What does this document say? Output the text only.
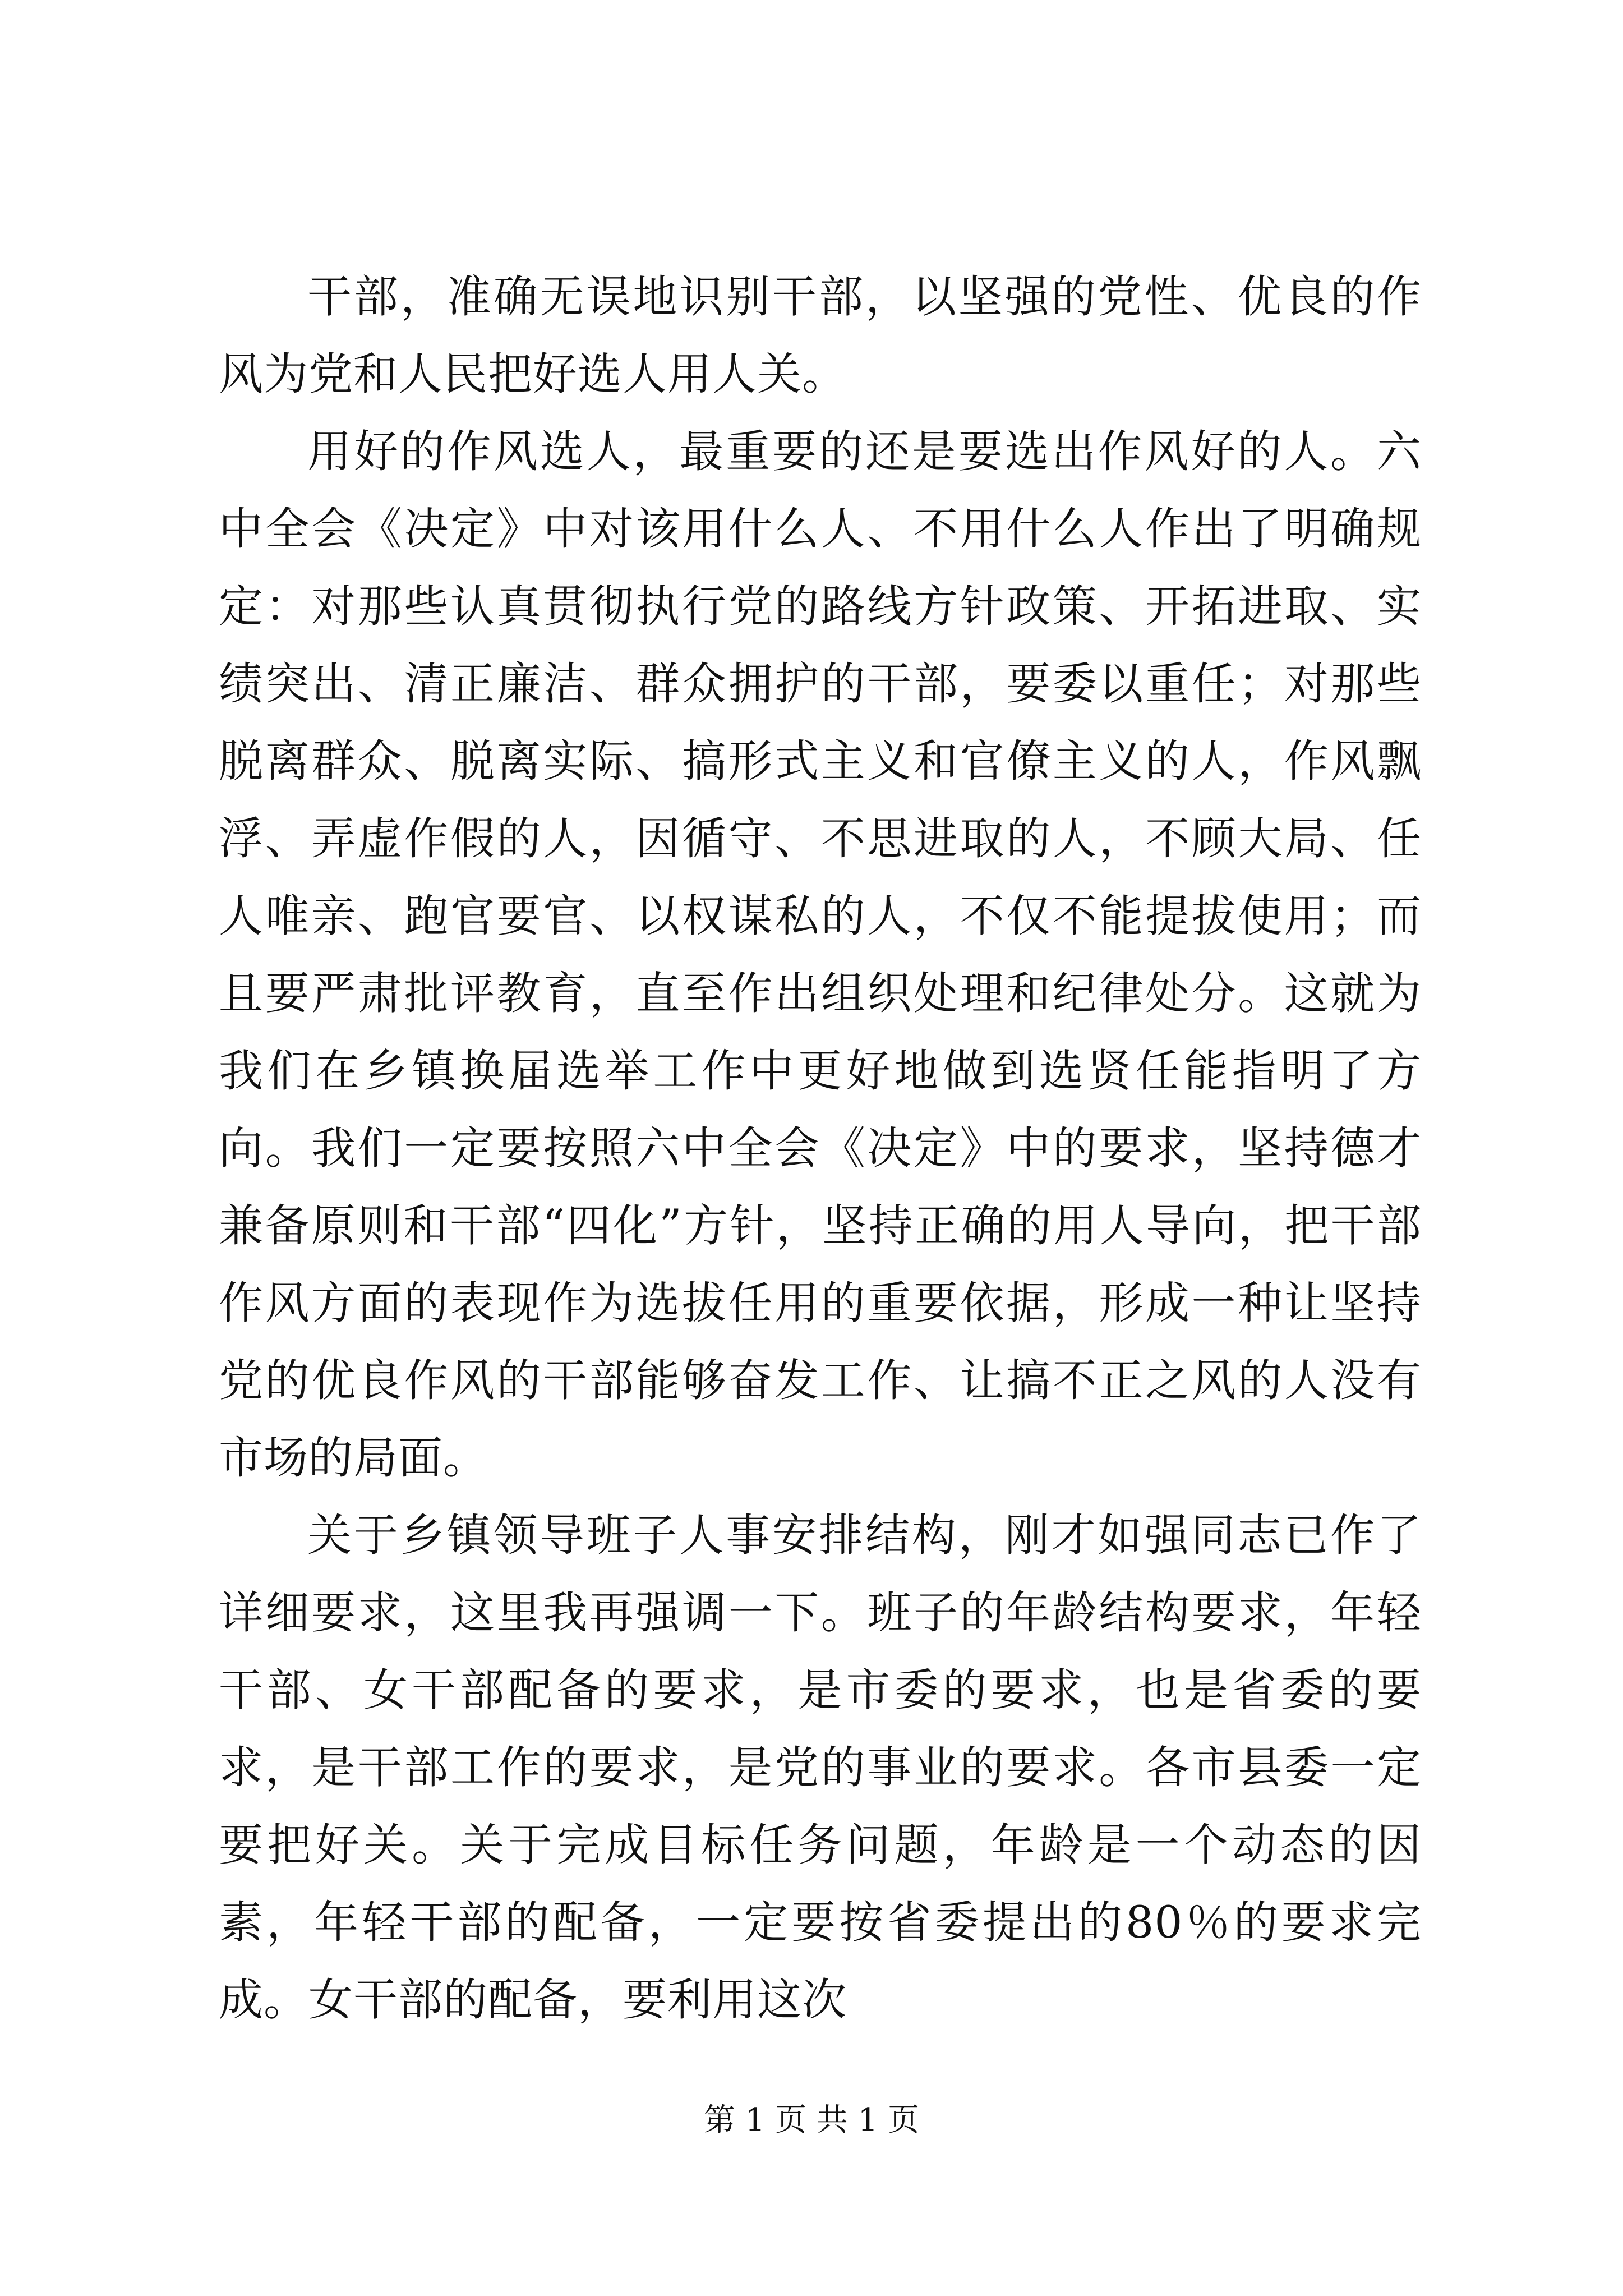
干部，准确无误地识别干部，以坚强的党性、优良的作风为党和人民把好选人用人关。

用好的作风选人，最重要的还是要选出作风好的人。六中全会《决定》中对该用什么人、不用什么人作出了明确规定：对那些认真贯彻执行党的路线方针政策、开拓进取、实绩突出、清正廉洁、群众拥护的干部，要委以重任；对那些脱离群众、脱离实际、搞形式主义和官僚主义的人，作风飘浮、弄虚作假的人，因循守、不思进取的人，不顾大局、任人唯亲、跑官要官、以权谋私的人，不仅不能提拔使用；而且要严肃批评教育，直至作出组织处理和纪律处分。这就为我们在乡镇换届选举工作中更好地做到选贤任能指明了方向。我们一定要按照六中全会《决定》中的要求，坚持德才兼备原则和干部“四化”方针，坚持正确的用人导向，把干部作风方面的表现作为选拔任用的重要依据，形成一种让坚持党的优良作风的干部能够奋发工作、让搞不正之风的人没有市场的局面。

关于乡镇领导班子人事安排结构，刚才如强同志已作了详细要求，这里我再强调一下。班子的年龄结构要求，年轻干部、女干部配备的要求，是市委的要求，也是省委的要求，是干部工作的要求，是党的事业的要求。各市县委一定要把好关。关于完成目标任务问题，年龄是一个动态的因素，年轻干部的配备，一定要按省委提出的80％的要求完成。女干部的配备，要利用这次

第 1 页 共 1 页
